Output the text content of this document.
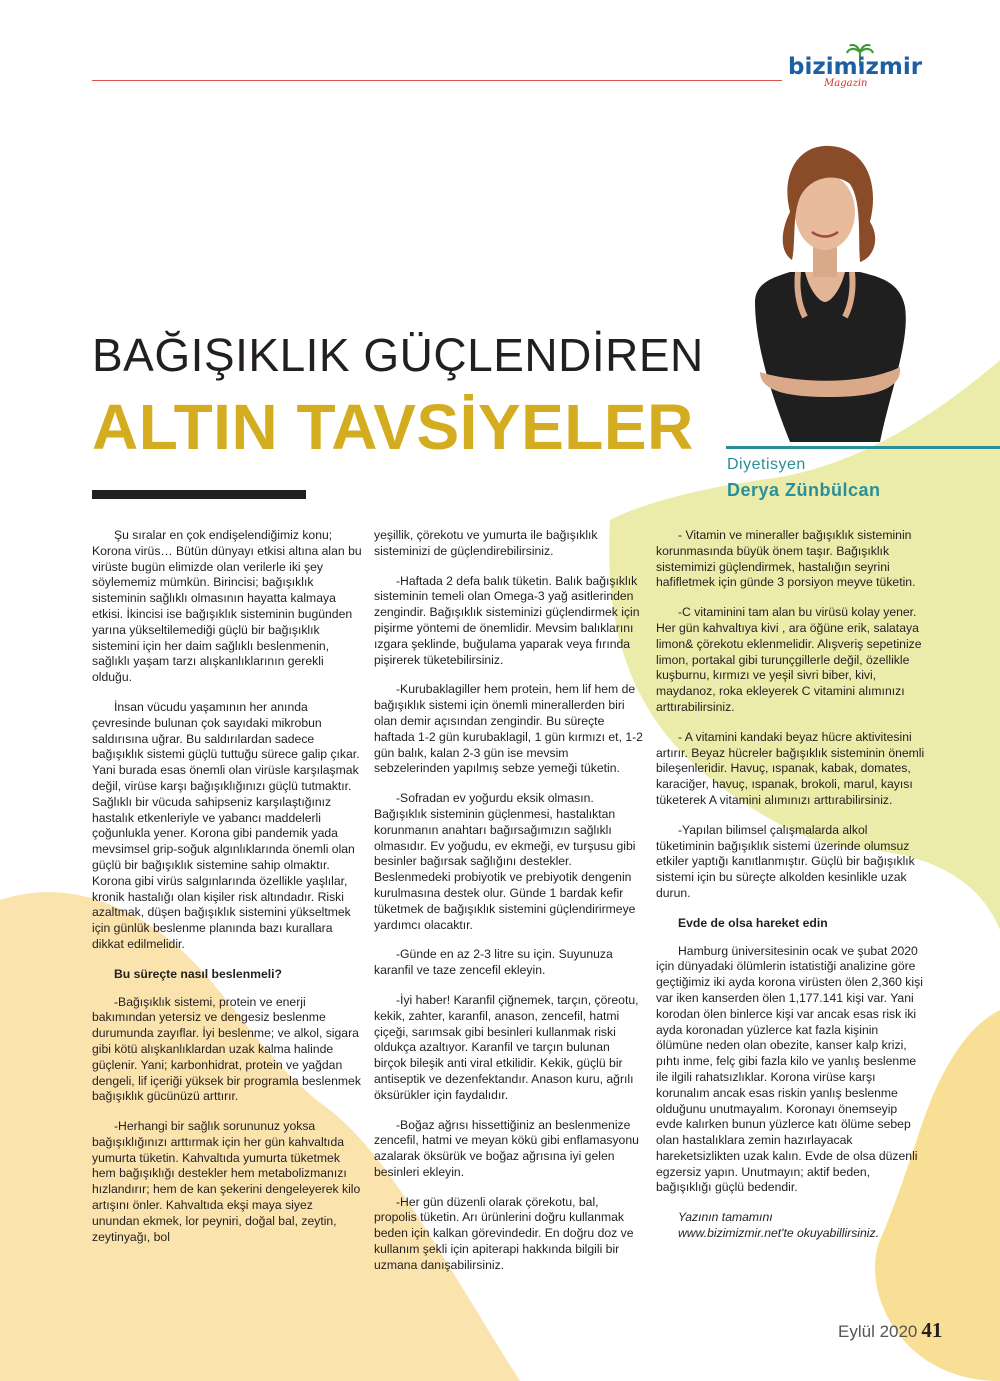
bizimizmir
Magazin
Diyetisyen
Derya Zünbülcan
BAĞIŞIKLIK GÜÇLENDİREN
ALTIN TAVSİYELER

Şu sıralar en çok endişelendiğimiz konu; Korona virüs… Bütün dünyayı etkisi altına alan bu virüste bugün elimizde olan verilerle iki şey söylememiz mümkün. Birincisi; bağışıklık sisteminin sağlıklı olmasının hayatta kalmaya etkisi. İkincisi ise bağışıklık sisteminin bugünden yarına yükseltilemediği güçlü bir bağışıklık sistemini için her daim sağlıklı beslenmenin, sağlıklı yaşam tarzı alışkanlıklarının gerekli olduğu.

İnsan vücudu yaşamının her anında çevresinde bulunan çok sayıdaki mikrobun saldırısına uğrar. Bu saldırılardan sadece bağışıklık sistemi güçlü tuttuğu sürece galip çıkar. Yani burada esas önemli olan virüsle karşılaşmak değil, virüse karşı bağışıklığınızı güçlü tutmaktır. Sağlıklı bir vücuda sahipseniz karşılaştığınız hastalık etkenleriyle ve yabancı maddelerli çoğunlukla yener. Korona gibi pandemik yada mevsimsel grip-soğuk algınlıklarında önemli olan güçlü bir bağışıklık sistemine sahip olmaktır. Korona gibi virüs salgınlarında özellikle yaşlılar, kronik hastalığı olan kişiler risk altındadır. Riski azaltmak, düşen bağışıklık sistemini yükseltmek için günlük beslenme planında bazı kurallara dikkat edilmelidir.

Bu süreçte nasıl beslenmeli?

-Bağışıklık sistemi, protein ve enerji bakımından yetersiz ve dengesiz beslenme durumunda zayıflar. İyi beslenme; ve alkol, sigara gibi kötü alışkanlıklardan uzak kalma halinde güçlenir. Yani; karbonhidrat, protein ve yağdan dengeli, lif içeriği yüksek bir programla beslenmek bağışıklık gücünüzü arttırır.

-Herhangi bir sağlık sorununuz yoksa bağışıklığınızı arttırmak için her gün kahvaltıda yumurta tüketin. Kahvaltıda yumurta tüketmek hem bağışıklığı destekler hem metabolizmanızı hızlandırır; hem de kan şekerini dengeleyerek kilo artışını önler. Kahvaltıda ekşi maya siyez unundan ekmek, lor peyniri, doğal bal, zeytin, zeytinyağı, bol

yeşillik, çörekotu ve yumurta ile bağışıklık sisteminizi de güçlendirebilirsiniz.

-Haftada 2 defa balık tüketin. Balık bağışıklık sisteminin temeli olan Omega-3 yağ asitlerinden zengindir. Bağışıklık sisteminizi güçlendirmek için pişirme yöntemi de önemlidir. Mevsim balıklarını ızgara şeklinde, buğulama yaparak veya fırında pişirerek tüketebilirsiniz.

-Kurubaklagiller hem protein, hem lif hem de bağışıklık sistemi için önemli minerallerden biri olan demir açısından zengindir. Bu süreçte haftada 1-2 gün kurubaklagil, 1 gün kırmızı et, 1-2 gün balık, kalan 2-3 gün ise mevsim sebzelerinden yapılmış sebze yemeği tüketin.

-Sofradan ev yoğurdu eksik olmasın. Bağışıklık sisteminin güçlenmesi, hastalıktan korunmanın anahtarı bağırsağımızın sağlıklı olmasıdır. Ev yoğudu, ev ekmeği, ev turşusu gibi besinler bağırsak sağlığını destekler. Beslenmedeki probiyotik ve prebiyotik dengenin kurulmasına destek olur. Günde 1 bardak kefir tüketmek de bağışıklık sistemini güçlendirirmeye yardımcı olacaktır.

-Günde en az 2-3 litre su için. Suyunuza karanfil ve taze zencefil ekleyin.

-İyi haber! Karanfil çiğnemek, tarçın, çöreotu, kekik, zahter, karanfil, anason, zencefil, hatmi çiçeği, sarımsak gibi besinleri kullanmak riski oldukça azaltıyor. Karanfil ve tarçın bulunan birçok bileşik anti viral etkilidir. Kekik, güçlü bir antiseptik ve dezenfektandır. Anason kuru, ağrılı öksürükler için faydalıdır.

-Boğaz ağrısı hissettiğiniz an beslenmenize zencefil, hatmi ve meyan kökü gibi enflamasyonu azalarak öksürük ve boğaz ağrısına iyi gelen besinleri ekleyin.

-Her gün düzenli olarak çörekotu, bal, propolis tüketin. Arı ürünlerini doğru kullanmak beden için kalkan görevindedir. En doğru doz ve kullanım şekli için apiterapi hakkında bilgili bir uzmana danışabilirsiniz.

- Vitamin ve mineraller bağışıklık sisteminin korunmasında büyük önem taşır. Bağışıklık sistemimizi güçlendirmek, hastalığın seyrini hafifletmek için günde 3 porsiyon meyve tüketin.

-C vitaminini tam alan bu virüsü kolay yener. Her gün kahvaltıya kivi , ara öğüne erik, salataya limon& çörekotu eklenmelidir. Alışveriş sepetinize limon, portakal gibi turunçgillerle değil, özellikle kuşburnu, kırmızı ve yeşil sivri biber, kivi, maydanoz, roka ekleyerek C vitamini alımınızı arttırabilirsiniz.

- A vitamini kandaki beyaz hücre aktivitesini artırır. Beyaz hücreler bağışıklık sisteminin önemli bileşenleridir. Havuç, ıspanak, kabak, domates, karaciğer, havuç, ıspanak, brokoli, marul, kayısı tüketerek A vitamini alımınızı arttırabilirsiniz.

-Yapılan bilimsel çalışmalarda alkol tüketiminin bağışıklık sistemi üzerinde olumsuz etkiler yaptığı kanıtlanmıştır. Güçlü bir bağışıklık sistemi için bu süreçte alkolden kesinlikle uzak durun.

Evde de olsa hareket edin

Hamburg üniversitesinin ocak ve şubat 2020 için dünyadaki ölümlerin istatistiği analizine göre geçtiğimiz iki ayda korona virüsten ölen 2,360 kişi var iken kanserden ölen 1,177.141 kişi var. Yani korodan ölen binlerce kişi var ancak esas risk iki ayda koronadan yüzlerce kat fazla kişinin ölümüne neden olan obezite, kanser kalp krizi, pıhtı inme, felç gibi fazla kilo ve yanlış beslenme ile ilgili rahatsızlıklar. Korona virüse karşı korunalım ancak esas riskin yanlış beslenme olduğunu unutmayalım. Koronayı önemseyip evde kalırken bunun yüzlerce katı ölüme sebep olan hastalıklara zemin hazırlayacak hareketsizlikten uzak kalın. Evde de olsa düzenli egzersiz yapın. Unutmayın; aktif beden, bağışıklığı güçlü bedendir.

Yazının tamamını
www.bizimizmir.net'te okuyabillirsiniz.
Eylül 2020 41
